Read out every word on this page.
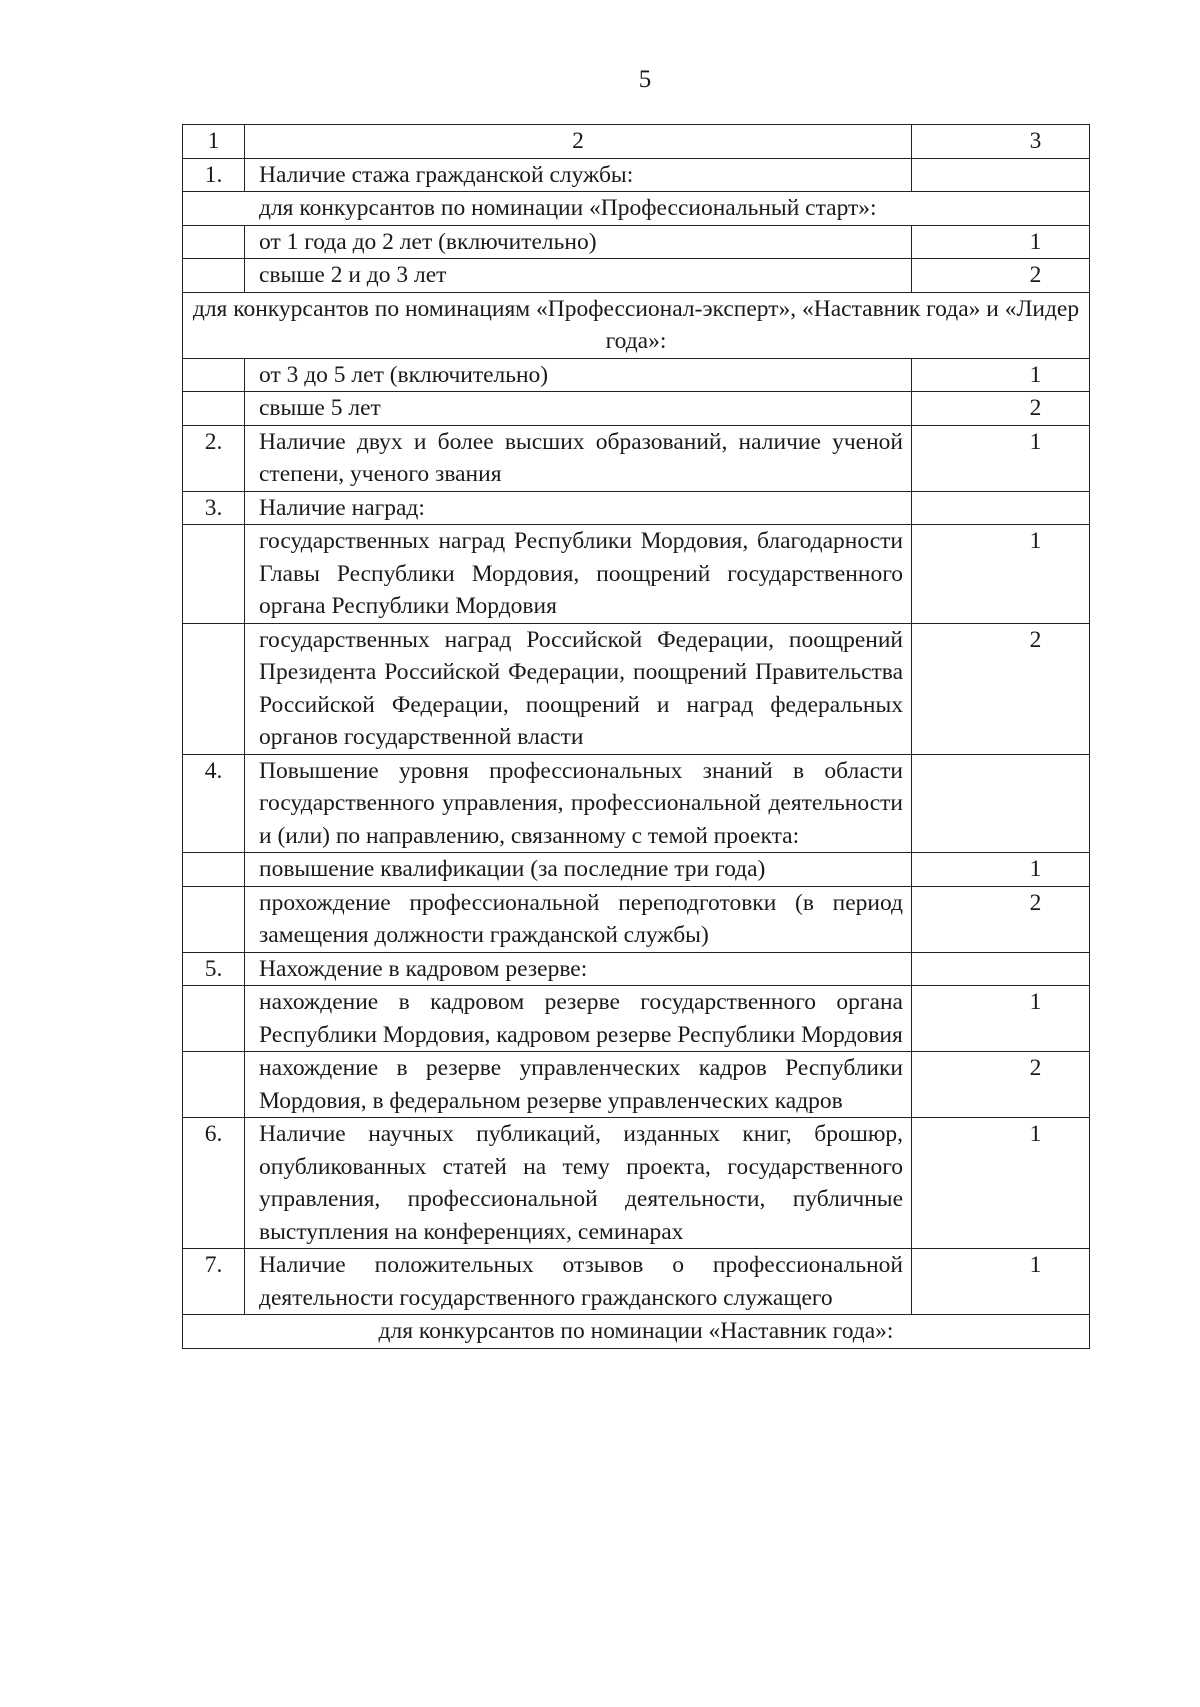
5
1	2	3
1.	Наличие стажа гражданской службы:	
для конкурсантов по номинации «Профессиональный старт»:		
	от 1 года до 2 лет (включительно)	1
	свыше 2 и до 3 лет	2
для конкурсантов по номинациям «Профессионал-эксперт», «Наставник года» и «Лидер года»:		
	от 3 до 5 лет (включительно)	1
	свыше 5 лет	2
2.	Наличие двух и более высших образований, наличие ученой степени, ученого звания	1
3.	Наличие наград:	
	государственных наград Республики Мордовия, благодарности Главы Республики Мордовия, поощрений государственного органа Республики Мордовия	1
	государственных наград Российской Федерации, поощрений Президента Российской Федерации, поощрений Правительства Российской Федерации, поощрений и наград федеральных органов государственной власти	2
4.	Повышение уровня профессиональных знаний в области государственного управления, профессиональной деятельности и (или) по направлению, связанному с темой проекта:	
	повышение квалификации (за последние три года)	1
	прохождение профессиональной переподготовки (в период замещения должности гражданской службы)	2
5.	Нахождение в кадровом резерве:	
	нахождение в кадровом резерве государственного органа Республики Мордовия, кадровом резерве Республики Мордовия	1
	нахождение в резерве управленческих кадров Республики Мордовия, в федеральном резерве управленческих кадров	2
6.	Наличие научных публикаций, изданных книг, брошюр, опубликованных статей на тему проекта, государственного управления, профессиональной деятельности, публичные выступления на конференциях, семинарах	1
7.	Наличие положительных отзывов о профессиональной деятельности государственного гражданского служащего	1
для конкурсантов по номинации «Наставник года»:		
